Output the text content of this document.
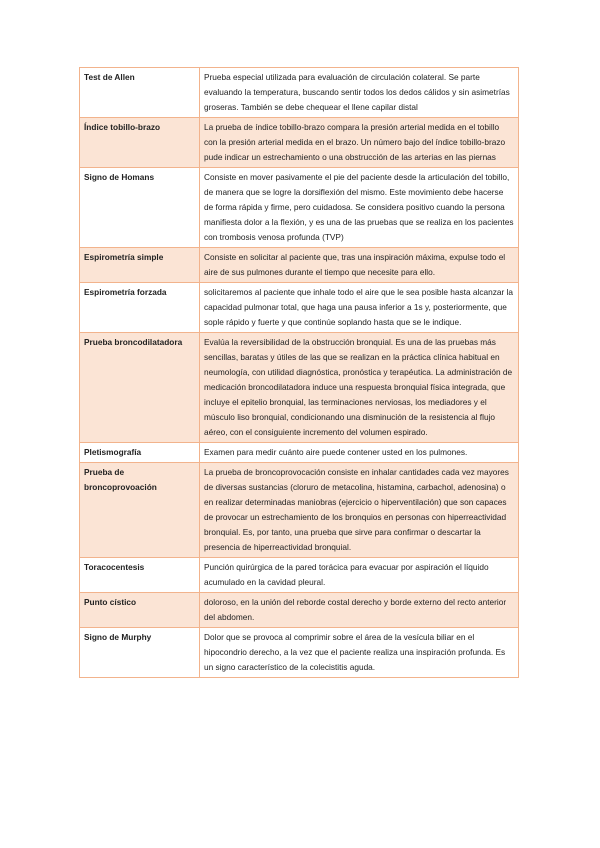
Test de Allen	Prueba especial utilizada para evaluación de circulación colateral. Se parte evaluando la temperatura, buscando sentir todos los dedos cálidos y sin asimetrías groseras. También se debe chequear el llene capilar distal
Índice tobillo-brazo	La prueba de índice tobillo-brazo compara la presión arterial medida en el tobillo con la presión arterial medida en el brazo. Un número bajo del índice tobillo-brazo pude indicar un estrechamiento o una obstrucción de las arterias en las piernas
Signo de Homans	Consiste en mover pasivamente el pie del paciente desde la articulación del tobillo, de manera que se logre la dorsiflexión del mismo. Este movimiento debe hacerse de forma rápida y firme, pero cuidadosa. Se considera positivo cuando la persona manifiesta dolor a la flexión, y es una de las pruebas que se realiza en los pacientes con trombosis venosa profunda (TVP)
Espirometría simple	Consiste en solicitar al paciente que, tras una inspiración máxima, expulse todo el aire de sus pulmones durante el tiempo que necesite para ello.
Espirometría forzada	solicitaremos al paciente que inhale todo el aire que le sea posible hasta alcanzar la capacidad pulmonar total, que haga una pausa inferior a 1s y, posteriormente, que sople rápido y fuerte y que continúe soplando hasta que se le indique.
Prueba broncodilatadora	Evalúa la reversibilidad de la obstrucción bronquial. Es una de las pruebas más sencillas, baratas y útiles de las que se realizan en la práctica clínica habitual en neumología, con utilidad diagnóstica, pronóstica y terapéutica. La administración de medicación broncodilatadora induce una respuesta bronquial física integrada, que incluye el epitelio bronquial, las terminaciones nerviosas, los mediadores y el músculo liso bronquial, condicionando una disminución de la resistencia al flujo aéreo, con el consiguiente incremento del volumen espirado.
Pletismografía	Examen para medir cuánto aire puede contener usted en los pulmones.
Prueba de broncoprovoación	La prueba de broncoprovocación consiste en inhalar cantidades cada vez mayores de diversas sustancias (cloruro de metacolina, histamina, carbachol, adenosina) o en realizar determinadas maniobras (ejercicio o hiperventilación) que son capaces de provocar un estrechamiento de los bronquios en personas con hiperreactividad bronquial. Es, por tanto, una prueba que sirve para confirmar o descartar la presencia de hiperreactividad bronquial.
Toracocentesis	Punción quirúrgica de la pared torácica para evacuar por aspiración el líquido acumulado en la cavidad pleural.
Punto cístico	doloroso, en la unión del reborde costal derecho y borde externo del recto anterior del abdomen.
Signo de Murphy	Dolor que se provoca al comprimir sobre el área de la vesícula biliar en el hipocondrio derecho, a la vez que el paciente realiza una inspiración profunda. Es un signo característico de la colecistitis aguda.
